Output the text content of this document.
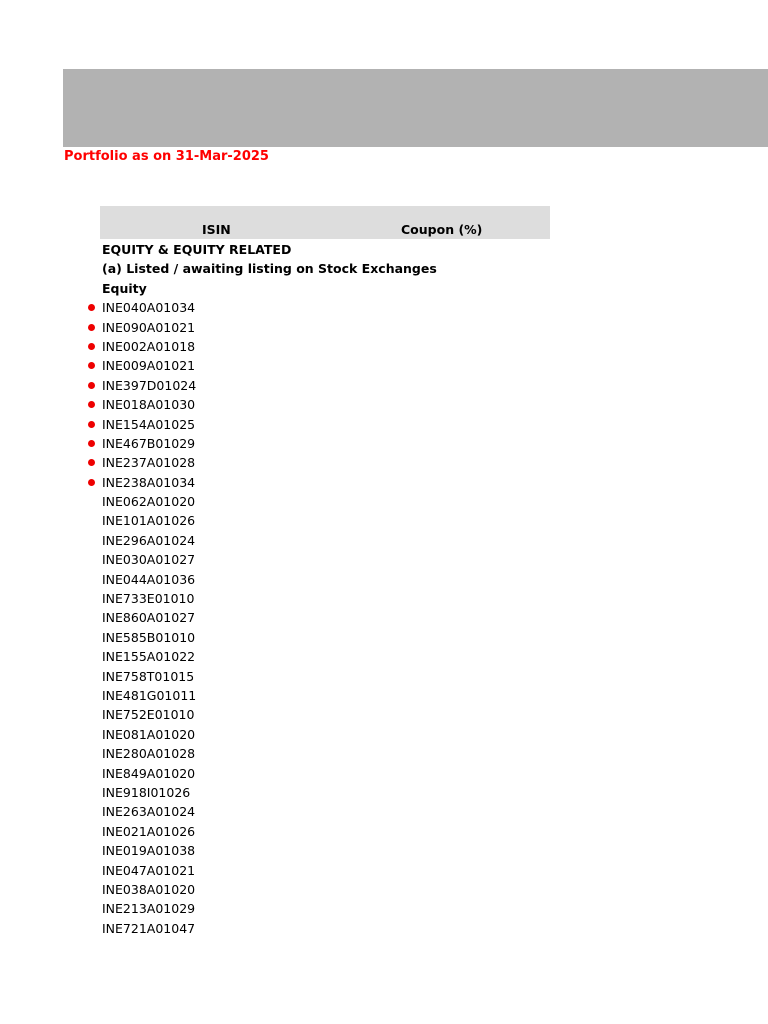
Portfolio as on 31-Mar-2025
ISIN	Coupon (%)
EQUITY & EQUITY RELATED
(a) Listed / awaiting listing on Stock Exchanges
Equity
INE040A01034
INE090A01021
INE002A01018
INE009A01021
INE397D01024
INE018A01030
INE154A01025
INE467B01029
INE237A01028
INE238A01034
INE062A01020
INE101A01026
INE296A01024
INE030A01027
INE044A01036
INE733E01010
INE860A01027
INE585B01010
INE155A01022
INE758T01015
INE481G01011
INE752E01010
INE081A01020
INE280A01028
INE849A01020
INE918I01026
INE263A01024
INE021A01026
INE019A01038
INE047A01021
INE038A01020
INE213A01029
INE721A01047
